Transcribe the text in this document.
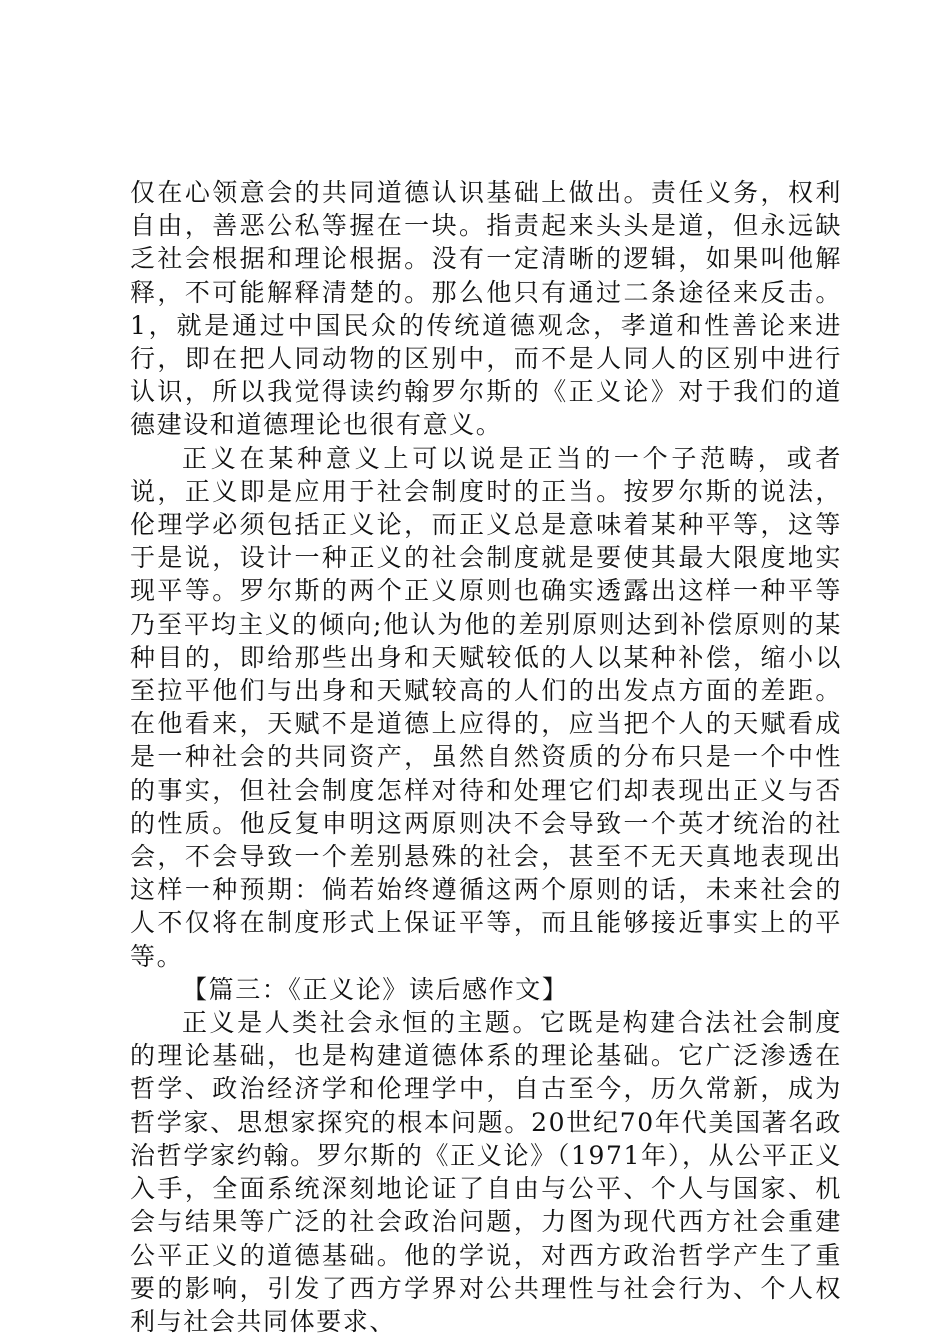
仅在心领意会的共同道德认识基础上做出。责任义务，权利自由，善恶公私等握在一块。指责起来头头是道，但永远缺乏社会根据和理论根据。没有一定清晰的逻辑，如果叫他解释，不可能解释清楚的。那么他只有通过二条途径来反击。1，就是通过中国民众的传统道德观念，孝道和性善论来进行，即在把人同动物的区别中，而不是人同人的区别中进行认识，所以我觉得读约翰罗尔斯的《正义论》对于我们的道德建设和道德理论也很有意义。

正义在某种意义上可以说是正当的一个子范畴，或者说，正义即是应用于社会制度时的正当。按罗尔斯的说法，伦理学必须包括正义论，而正义总是意味着某种平等，这等于是说，设计一种正义的社会制度就是要使其最大限度地实现平等。罗尔斯的两个正义原则也确实透露出这样一种平等乃至平均主义的倾向;他认为他的差别原则达到补偿原则的某种目的，即给那些出身和天赋较低的人以某种补偿，缩小以至拉平他们与出身和天赋较高的人们的出发点方面的差距。在他看来，天赋不是道德上应得的，应当把个人的天赋看成是一种社会的共同资产，虽然自然资质的分布只是一个中性的事实，但社会制度怎样对待和处理它们却表现出正义与否的性质。他反复申明这两原则决不会导致一个英才统治的社会，不会导致一个差别悬殊的社会，甚至不无天真地表现出这样一种预期：倘若始终遵循这两个原则的话，未来社会的人不仅将在制度形式上保证平等，而且能够接近事实上的平等。

【篇三：《正义论》读后感作文】

正义是人类社会永恒的主题。它既是构建合法社会制度的理论基础，也是构建道德体系的理论基础。它广泛渗透在哲学、政治经济学和伦理学中，自古至今，历久常新，成为哲学家、思想家探究的根本问题。20世纪70年代美国著名政治哲学家约翰。罗尔斯的《正义论》（1971年），从公平正义入手，全面系统深刻地论证了自由与公平、个人与国家、机会与结果等广泛的社会政治问题，力图为现代西方社会重建公平正义的道德基础。他的学说，对西方政治哲学产生了重要的影响，引发了西方学界对公共理性与社会行为、个人权利与社会共同体要求、
